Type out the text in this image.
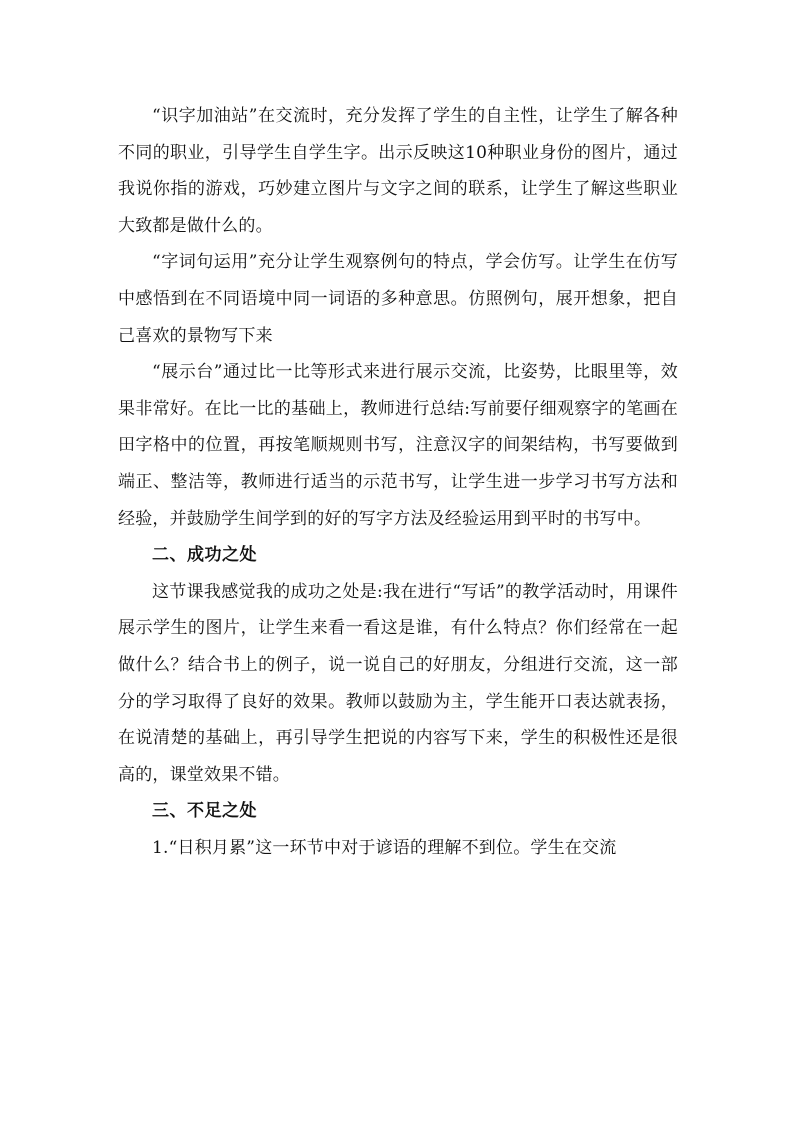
“识字加油站”在交流时，充分发挥了学生的自主性，让学生了解各种不同的职业，引导学生自学生字。出示反映这10种职业身份的图片，通过我说你指的游戏，巧妙建立图片与文字之间的联系，让学生了解这些职业大致都是做什么的。

“字词句运用”充分让学生观察例句的特点，学会仿写。让学生在仿写中感悟到在不同语境中同一词语的多种意思。仿照例句，展开想象，把自己喜欢的景物写下来

“展示台”通过比一比等形式来进行展示交流，比姿势，比眼里等，效果非常好。在比一比的基础上，教师进行总结:写前要仔细观察字的笔画在田字格中的位置，再按笔顺规则书写，注意汉字的间架结构，书写要做到端正、整洁等，教师进行适当的示范书写，让学生进一步学习书写方法和经验，并鼓励学生间学到的好的写字方法及经验运用到平时的书写中。

二、成功之处

这节课我感觉我的成功之处是:我在进行“写话”的教学活动时，用课件展示学生的图片，让学生来看一看这是谁，有什么特点？你们经常在一起做什么？结合书上的例子，说一说自己的好朋友，分组进行交流，这一部分的学习取得了良好的效果。教师以鼓励为主，学生能开口表达就表扬，在说清楚的基础上，再引导学生把说的内容写下来，学生的积极性还是很高的，课堂效果不错。

三、不足之处

1.“日积月累”这一环节中对于谚语的理解不到位。学生在交流
